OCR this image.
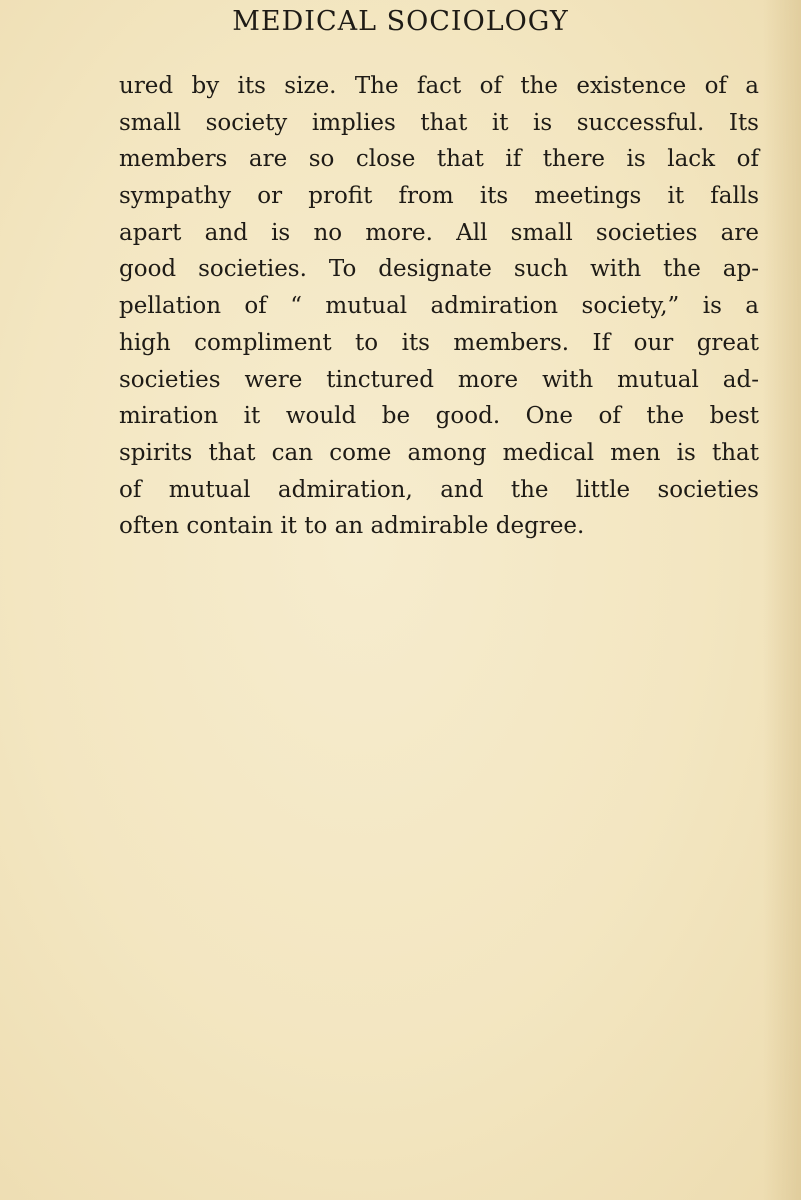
MEDICAL SOCIOLOGY
ured by its size. The fact of the existence of a
small society implies that it is successful. Its
members are so close that if there is lack of
sympathy or profit from its meetings it falls
apart and is no more. All small societies are
good societies. To designate such with the ap-
pellation of “ mutual admiration society,” is a
high compliment to its members. If our great
societies were tinctured more with mutual ad-
miration it would be good. One of the best
spirits that can come among medical men is that
of mutual admiration, and the little societies
often contain it to an admirable degree.
